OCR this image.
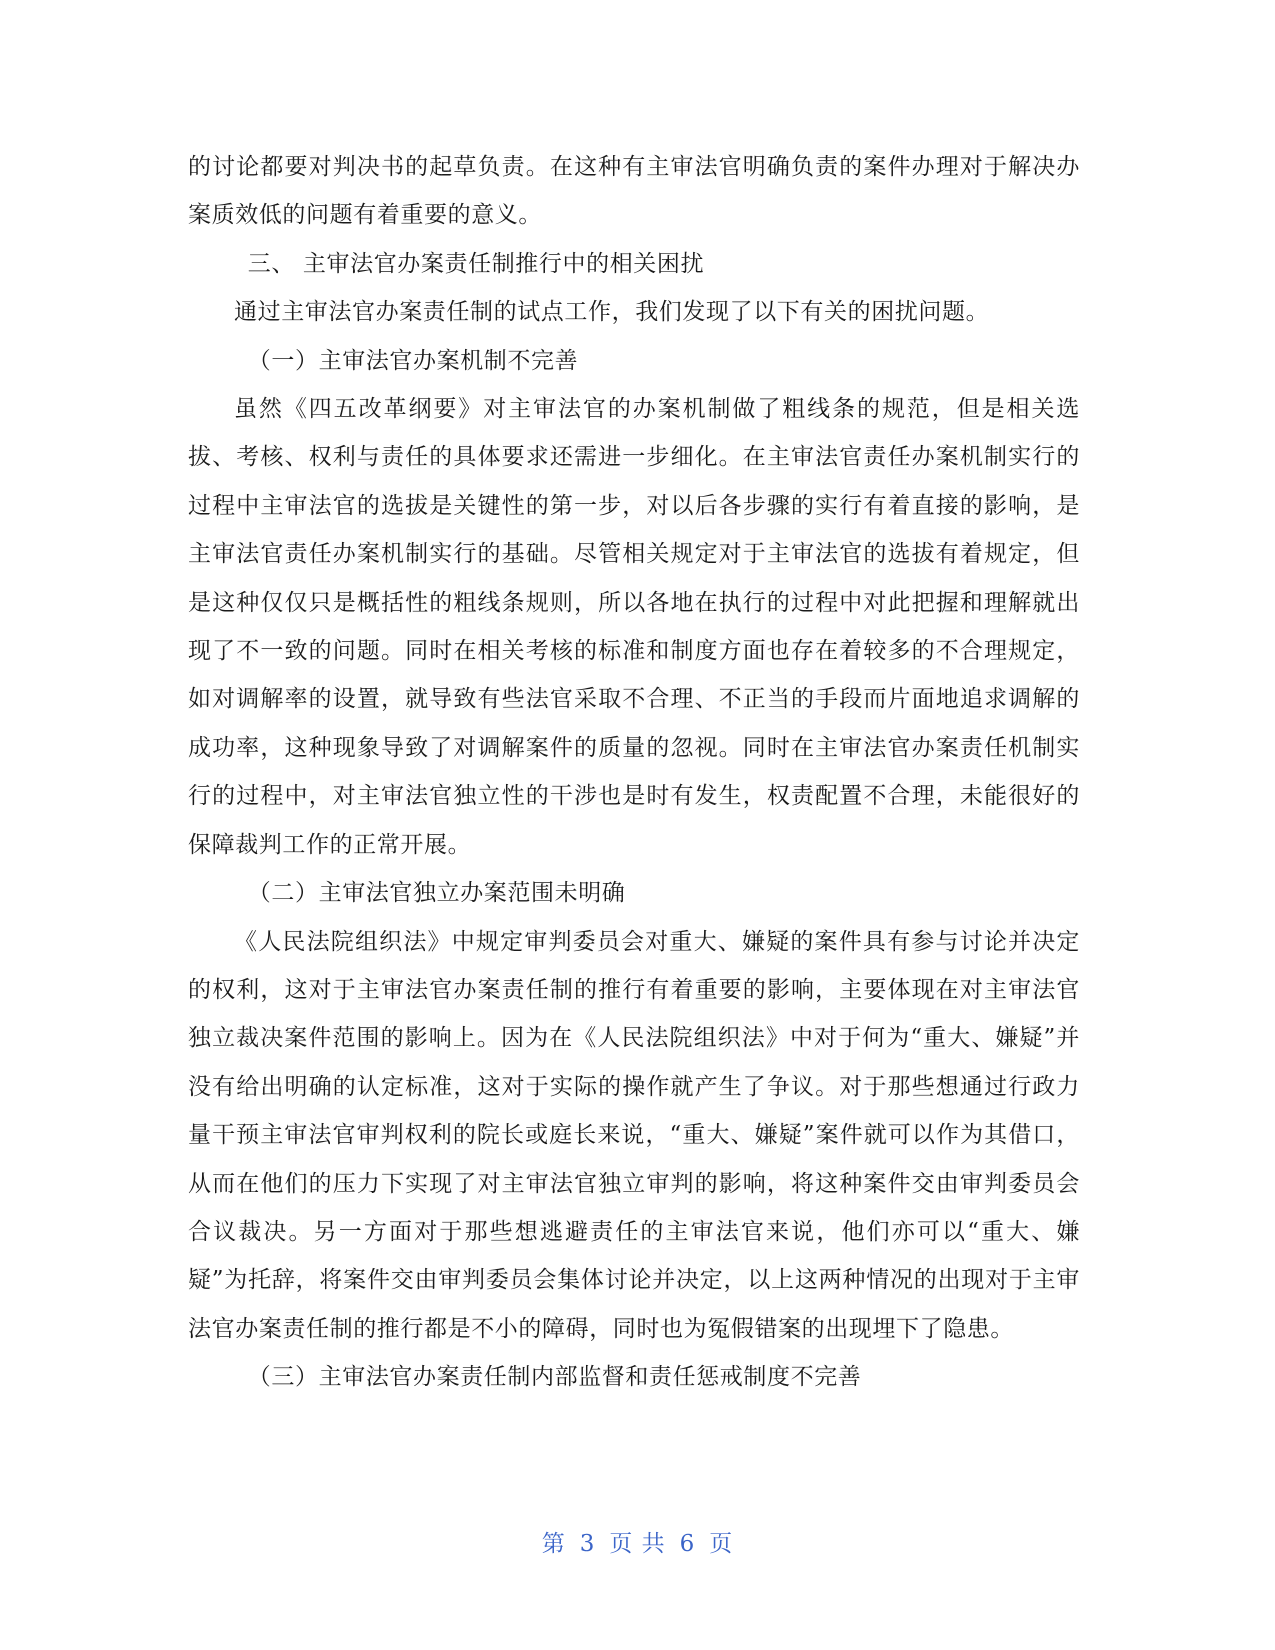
的讨论都要对判决书的起草负责。在这种有主审法官明确负责的案件办理对于解决办案质效低的问题有着重要的意义。

三、 主审法官办案责任制推行中的相关困扰

通过主审法官办案责任制的试点工作，我们发现了以下有关的困扰问题。

（一）主审法官办案机制不完善

虽然《四五改革纲要》对主审法官的办案机制做了粗线条的规范，但是相关选拔、考核、权利与责任的具体要求还需进一步细化。在主审法官责任办案机制实行的过程中主审法官的选拔是关键性的第一步，对以后各步骤的实行有着直接的影响，是主审法官责任办案机制实行的基础。尽管相关规定对于主审法官的选拔有着规定，但是这种仅仅只是概括性的粗线条规则，所以各地在执行的过程中对此把握和理解就出现了不一致的问题。同时在相关考核的标准和制度方面也存在着较多的不合理规定，如对调解率的设置，就导致有些法官采取不合理、不正当的手段而片面地追求调解的成功率，这种现象导致了对调解案件的质量的忽视。同时在主审法官办案责任机制实行的过程中，对主审法官独立性的干涉也是时有发生，权责配置不合理，未能很好的保障裁判工作的正常开展。

（二）主审法官独立办案范围未明确

《人民法院组织法》中规定审判委员会对重大、嫌疑的案件具有参与讨论并决定的权利，这对于主审法官办案责任制的推行有着重要的影响，主要体现在对主审法官独立裁决案件范围的影响上。因为在《人民法院组织法》中对于何为“重大、嫌疑”并没有给出明确的认定标准，这对于实际的操作就产生了争议。对于那些想通过行政力量干预主审法官审判权利的院长或庭长来说，“重大、嫌疑”案件就可以作为其借口，从而在他们的压力下实现了对主审法官独立审判的影响，将这种案件交由审判委员会合议裁决。另一方面对于那些想逃避责任的主审法官来说，他们亦可以“重大、嫌疑”为托辞，将案件交由审判委员会集体讨论并决定，以上这两种情况的出现对于主审法官办案责任制的推行都是不小的障碍，同时也为冤假错案的出现埋下了隐患。

（三）主审法官办案责任制内部监督和责任惩戒制度不完善

第 3 页 共 6 页
